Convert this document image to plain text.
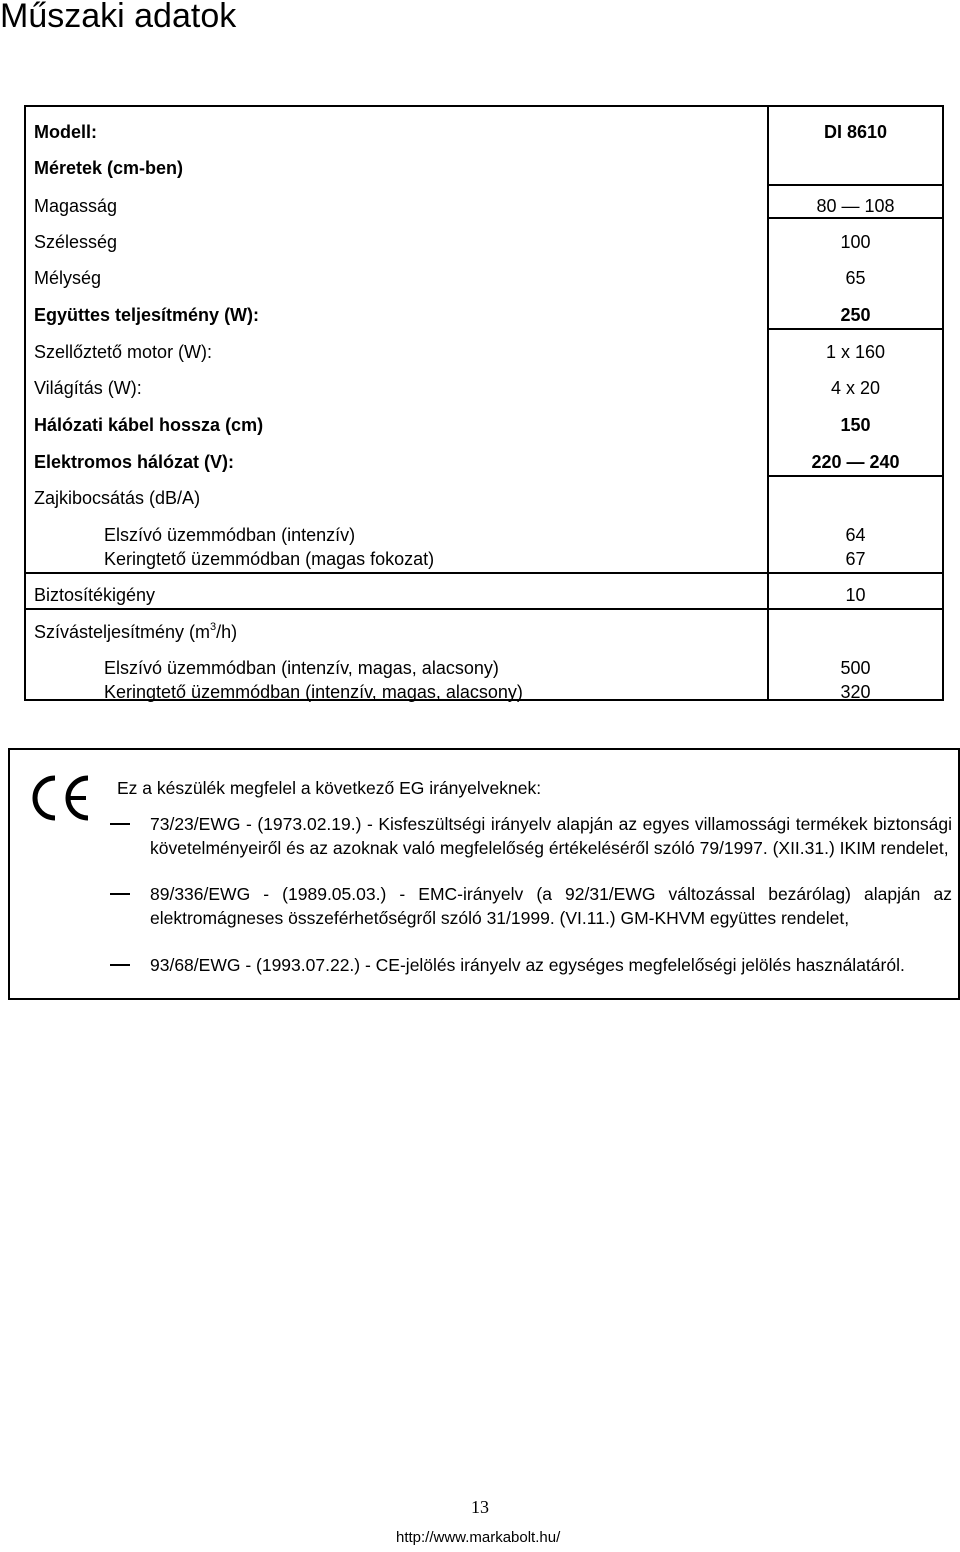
Műszaki adatok
Modell:	DI 8610
Méretek (cm-ben)
Magasság	80 — 108
Szélesség	100
Mélység	65
Együttes teljesítmény (W):	250
Szellőztető motor (W):	1 x 160
Világítás (W):	4 x 20
Hálózati kábel hossza (cm)	150
Elektromos hálózat (V):	220 — 240
Zajkibocsátás (dB/A)
Elszívó üzemmódban (intenzív)	64
Keringtető üzemmódban (magas fokozat)	67
Biztosítékigény	10
Szívásteljesítmény $(m^3/h)$
Elszívó üzemmódban (intenzív, magas, alacsony)	500
Keringtető üzemmódban (intenzív, magas, alacsony)	320
Ez a készülék megfelel a következő EG irányelveknek:
73/23/EWG - (1973.02.19.) - Kisfeszültségi irányelv alapján az egyes villamossági termékek biztonsági követelményeiről és az azoknak való megfelelőség értékeléséről szóló 79/1997. (XII.31.) IKIM rendelet,
89/336/EWG - (1989.05.03.) - EMC-irányelv (a 92/31/EWG változással bezárólag) alapján az elektromágneses összeférhetőségről szóló 31/1999. (VI.11.) GM-KHVM együttes rendelet,
93/68/EWG - (1993.07.22.) - CE-jelölés irányelv az egységes megfelelőségi jelölés használatáról.
13
http://www.markabolt.hu/
